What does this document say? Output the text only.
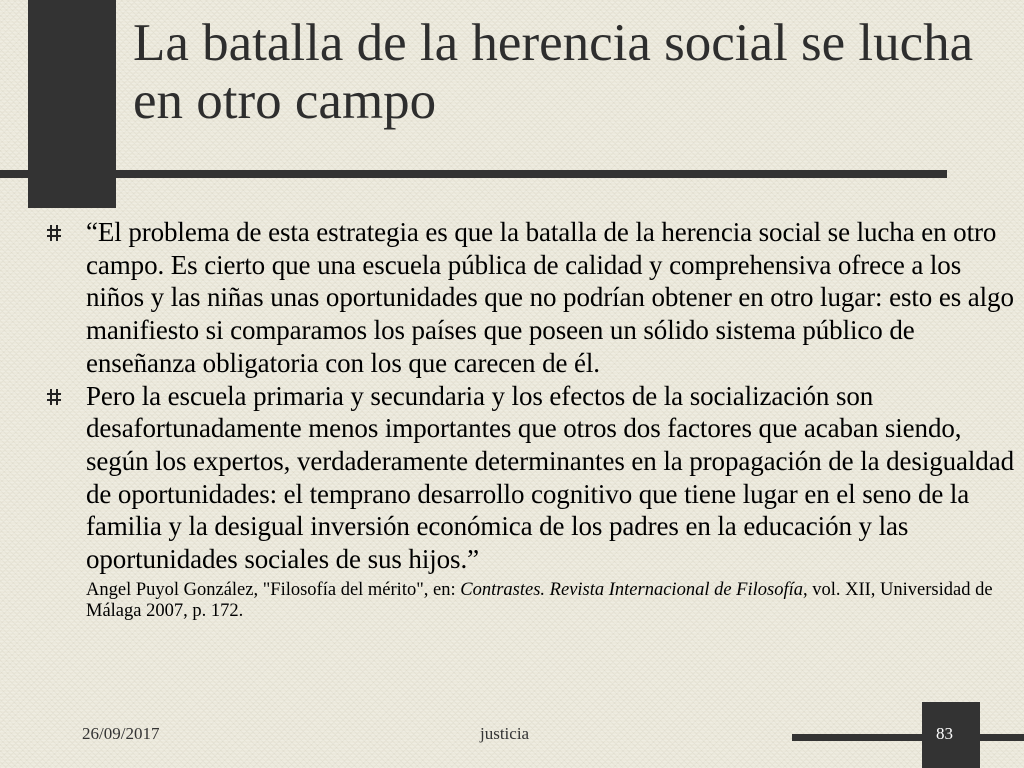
La batalla de la herencia social se lucha en otro campo
“El problema de esta estrategia es que la batalla de la herencia social se lucha en otro campo. Es cierto que una escuela pública de calidad y comprehensiva ofrece a los niños y las niñas unas oportunidades que no podrían obtener en otro lugar: esto es algo manifiesto si comparamos los países que poseen un sólido sistema público de enseñanza obligatoria con los que carecen de él.
Pero la escuela primaria y secundaria y los efectos de la socialización son desafortunadamente menos importantes que otros dos factores que acaban siendo, según los expertos, verdaderamente determinantes en la propagación de la desigualdad de oportunidades: el temprano desarrollo cognitivo que tiene lugar en el seno de la familia y la desigual inversión económica de los padres en la educación y las oportunidades sociales de sus hijos.”
Angel Puyol González, "Filosofía del mérito", en: Contrastes. Revista Internacional de Filosofía, vol. XII, Universidad de Málaga 2007, p. 172.
26/09/2017	justicia	83
